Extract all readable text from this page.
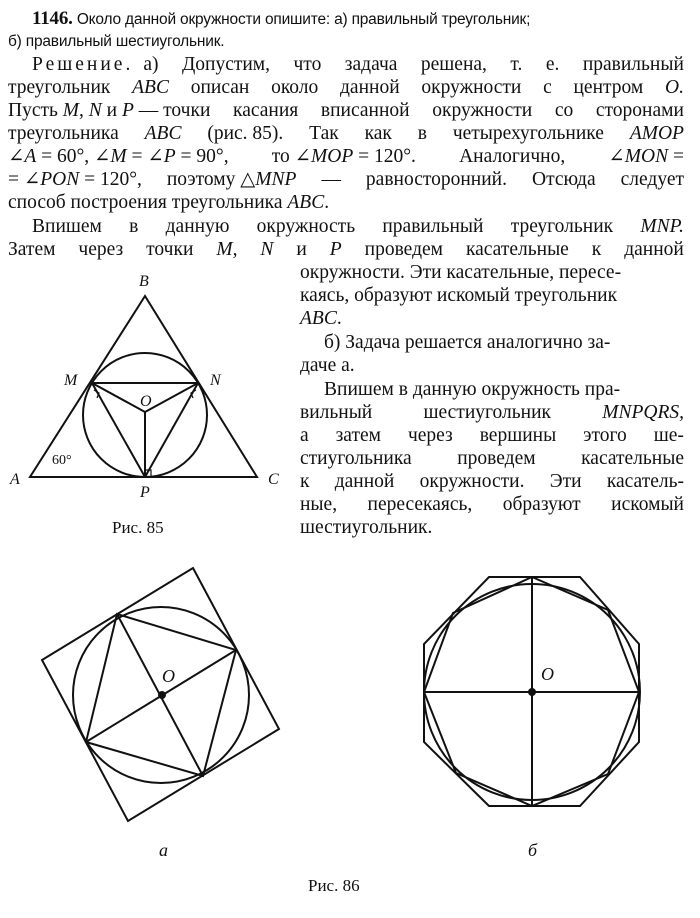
1146. Около данной окружности опишите: а) правильный треугольник;
б) правильный шестиугольник.
Решение. а) Допустим, что задача решена, т. е. правильный
треугольник ABC описан около данной окружности с центром O.
Пусть M, N и P — точки касания вписанной окружности со сторонами
треугольника ABC (рис. 85). Так как в четырехугольнике AMOP
∠A = 60°, ∠M = ∠P = 90°, то ∠MOP = 120°. Аналогично, ∠MON =
= ∠PON = 120°, поэтому △MNP — равносторонний. Отсюда следует
способ построения треугольника ABC.
Впишем в данную окружность правильный треугольник MNP.
Затем через точки M, N и P проведем касательные к данной
окружности. Эти касательные, пересе-
каясь, образуют искомый треугольник
ABC.
б) Задача решается аналогично за-
даче а.
Впишем в данную окружность пра-
вильный	шестиугольник	MNPQRS,
а затем через вершины этого ше-
стиугольника проведем касательные
к данной окружности. Эти касатель-
ные, пересекаясь, образуют искомый
шестиугольник.
B
M	N
O
A	C
P
60°
Рис. 85
O	O
а	б
Рис. 86
